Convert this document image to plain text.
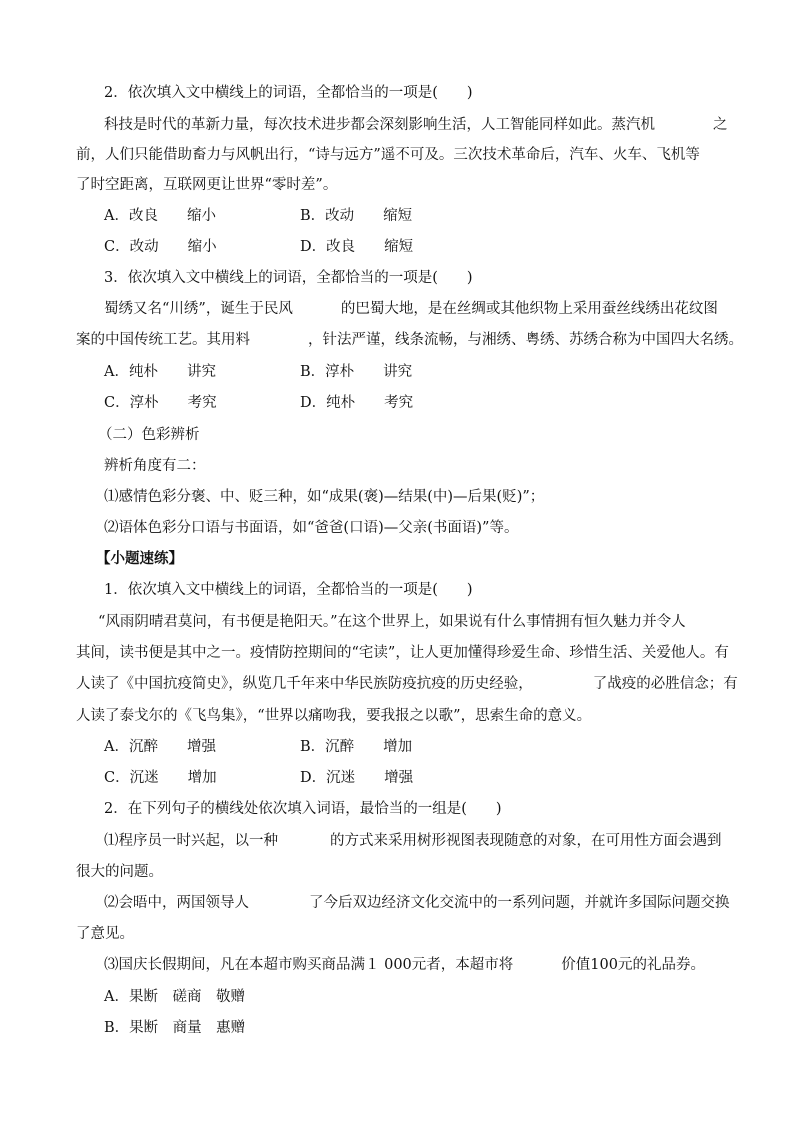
2．依次填入文中横线上的词语，全都恰当的一项是(　　)
科技是时代的革新力量，每次技术进步都会深刻影响生活，人工智能同样如此。蒸汽机	之
前，人们只能借助畜力与风帆出行，“诗与远方”遥不可及。三次技术革命后，汽车、火车、飞机等
了时空距离，互联网更让世界“零时差”。
A．改良　　缩小	B．改动　　缩短
C．改动　　缩小	D．改良　　缩短
3．依次填入文中横线上的词语，全都恰当的一项是(　　)
蜀绣又名“川绣”，诞生于民风	的巴蜀大地，是在丝绸或其他织物上采用蚕丝线绣出花纹图
案的中国传统工艺。其用料	，针法严谨，线条流畅，与湘绣、粤绣、苏绣合称为中国四大名绣。
A．纯朴　　讲究	B．淳朴　　讲究
C．淳朴　　考究	D．纯朴　　考究
（二）色彩辨析
辨析角度有二：
⑴感情色彩分褒、中、贬三种，如“成果(褒)—结果(中)—后果(贬)”；
⑵语体色彩分口语与书面语，如“爸爸(口语)—父亲(书面语)”等。
【小题速练】
1．依次填入文中横线上的词语，全都恰当的一项是(　　)
“风雨阴晴君莫问，有书便是艳阳天。”在这个世界上，如果说有什么事情拥有恒久魅力并令人
其间，读书便是其中之一。疫情防控期间的“宅读”，让人更加懂得珍爱生命、珍惜生活、关爱他人。有
人读了《中国抗疫简史》，纵览几千年来中华民族防疫抗疫的历史经验，	了战疫的必胜信念；有
人读了泰戈尔的《飞鸟集》，“世界以痛吻我，要我报之以歌”，思索生命的意义。
A．沉醉　　增强	B．沉醉　　增加
C．沉迷　　增加	D．沉迷　　增强
2．在下列句子的横线处依次填入词语，最恰当的一组是(　　)
⑴程序员一时兴起，以一种	的方式来采用树形视图表现随意的对象，在可用性方面会遇到
很大的问题。
⑵会晤中，两国领导人	了今后双边经济文化交流中的一系列问题，并就许多国际问题交换
了意见。
⑶国庆长假期间，凡在本超市购买商品满１ 000元者，本超市将	价值100元的礼品券。
A．果断　磋商　敬赠
B．果断　商量　惠赠
